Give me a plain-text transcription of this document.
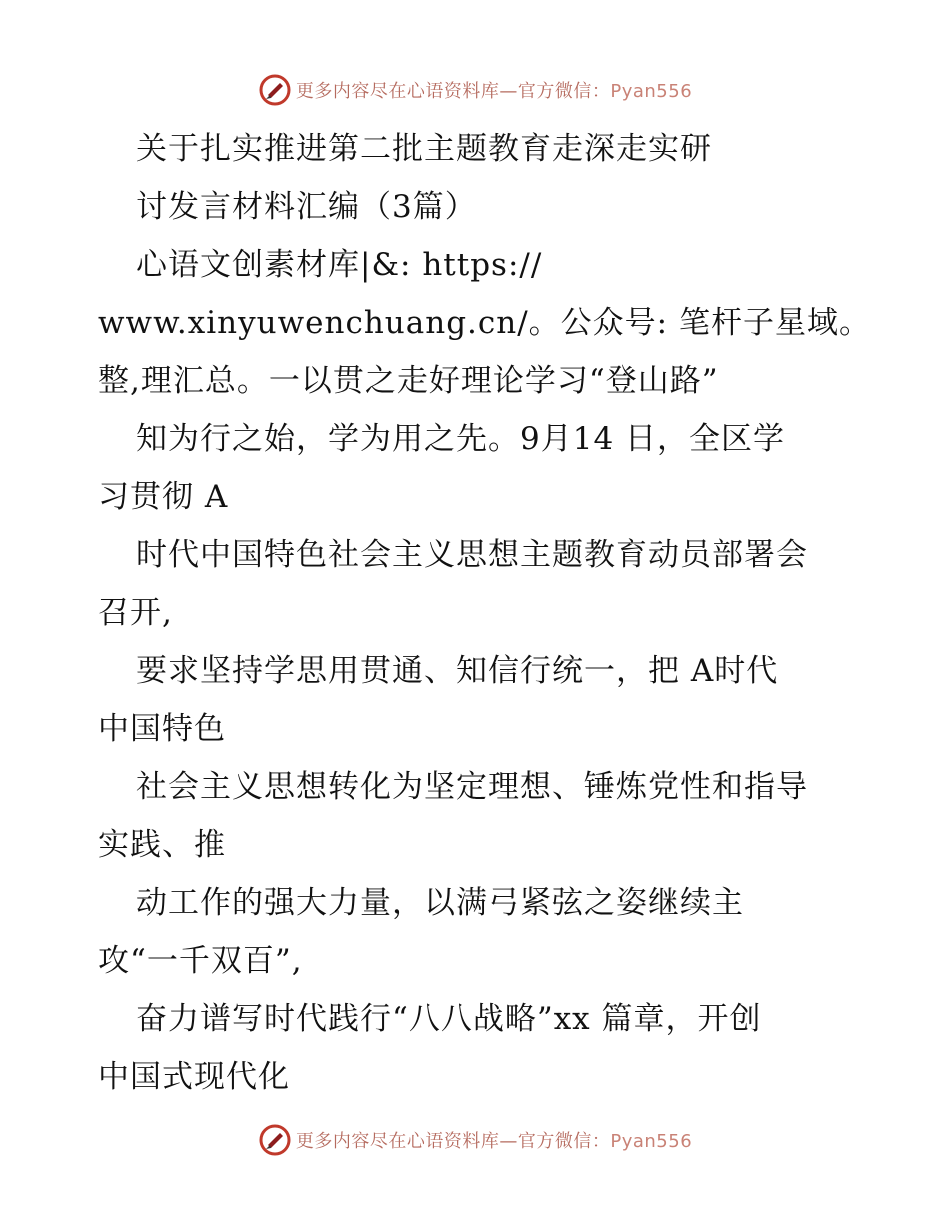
更多内容尽在心语资料库—官方微信：Pyan556
关于扎实推进第二批主题教育走深走实研
讨发言材料汇编（3篇）
心语文创素材库|&: https://
www.xinyuwenchuang.cn/。公众号: 笔杆子星域。
整,理汇总。一以贯之走好理论学习“登山路”
知为行之始，学为用之先。9月14 日，全区学
习贯彻 A
时代中国特色社会主义思想主题教育动员部署会
召开,
要求坚持学思用贯通、知信行统一，把 A时代
中国特色
社会主义思想转化为坚定理想、锤炼党性和指导
实践、推
动工作的强大力量，以满弓紧弦之姿继续主
攻“一千双百”,
奋力谱写时代践行“八八战略”xx 篇章，开创
中国式现代化
更多内容尽在心语资料库—官方微信：Pyan556
